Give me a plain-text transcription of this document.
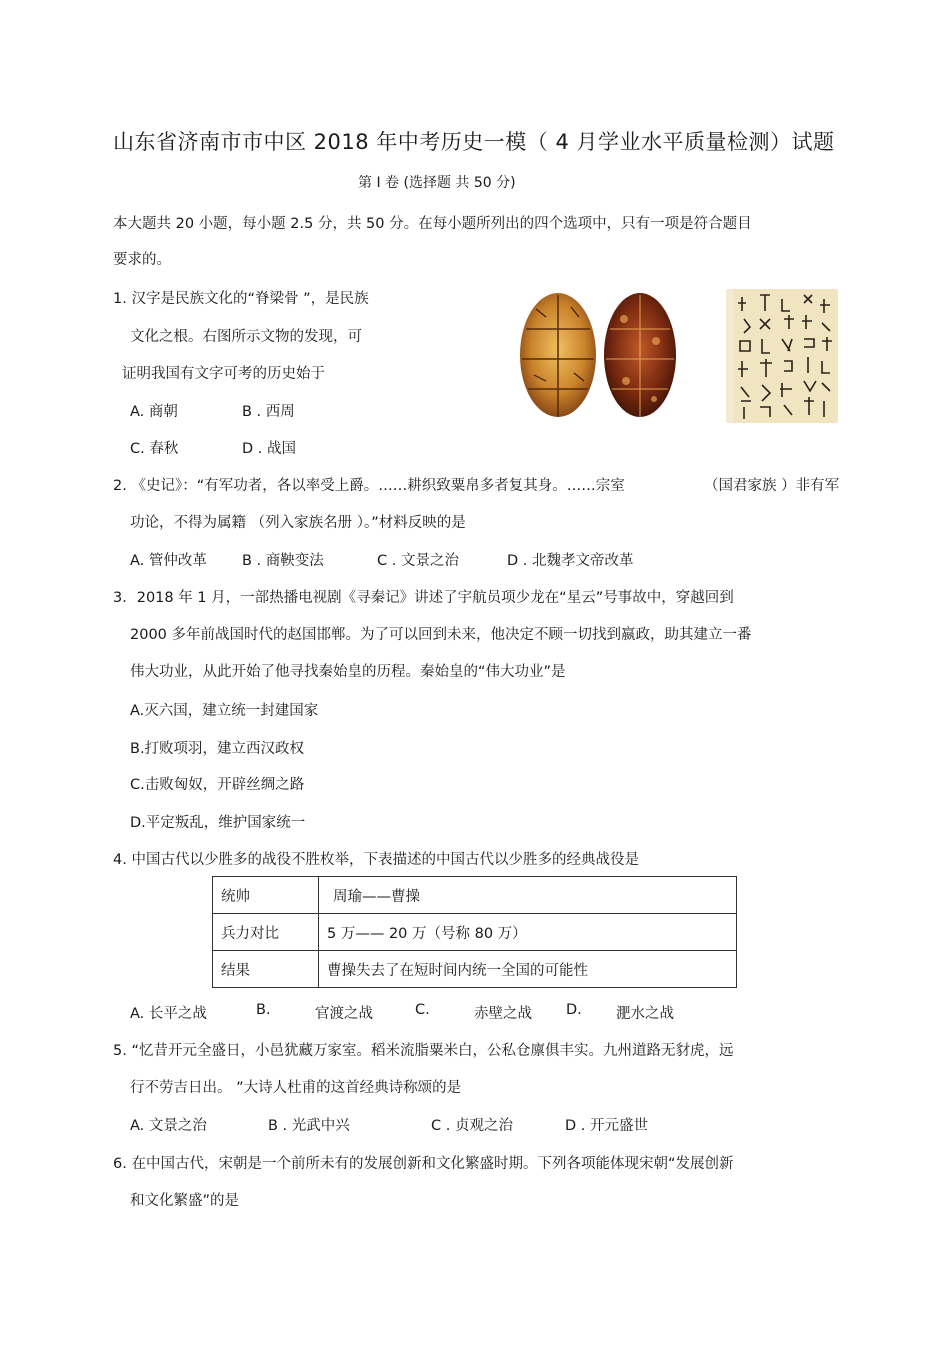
山东省济南市市中区 2018 年中考历史一模（ 4 月学业水平质量检测）试题
第 I 卷 (选择题 共 50 分)
本大题共 20 小题，每小题 2.5 分，共 50 分。在每小题所列出的四个选项中，只有一项是符合题目
要求的。
1. 汉字是民族文化的“脊梁骨 ”，是民族
文化之根。右图所示文物的发现，可
证明我国有文字可考的历史始于
A. 商朝	B . 西周
C. 春秋	D . 战国
2. 《史记》：“有军功者，各以率受上爵。……耕织致粟帛多者复其身。……宗室	（国君家族 ）非有军
功论，不得为属籍 （列入家族名册 ）。”材料反映的是
A. 管仲改革 B . 商鞅变法	C . 文景之治	D . 北魏孝文帝改革
3．2018 年 1 月，一部热播电视剧《寻秦记》讲述了宇航员项少龙在“星云”号事故中，穿越回到
2000 多年前战国时代的赵国邯郸。为了可以回到未来，他决定不顾一切找到嬴政，助其建立一番
伟大功业，从此开始了他寻找秦始皇的历程。秦始皇的“伟大功业”是
A.灭六国，建立统一封建国家
B.打败项羽，建立西汉政权
C.击败匈奴，开辟丝绸之路
D.平定叛乱，维护国家统一
4. 中国古代以少胜多的战役不胜枚举，下表描述的中国古代以少胜多的经典战役是
统帅	周瑜——曹操
兵力对比	5 万—— 20 万（号称 80 万）
结果	曹操失去了在短时间内统一全国的可能性
A. 长平之战	B.	官渡之战	C.	赤壁之战 D. 淝水之战
5. “忆昔开元全盛日，小邑犹藏万家室。稻米流脂粟米白，公私仓廪俱丰实。九州道路无豺虎，远
行不劳吉日出。 ”大诗人杜甫的这首经典诗称颂的是
A. 文景之治	B . 光武中兴	C . 贞观之治	D . 开元盛世
6. 在中国古代，宋朝是一个前所未有的发展创新和文化繁盛时期。下列各项能体现宋朝“发展创新
和文化繁盛”的是
